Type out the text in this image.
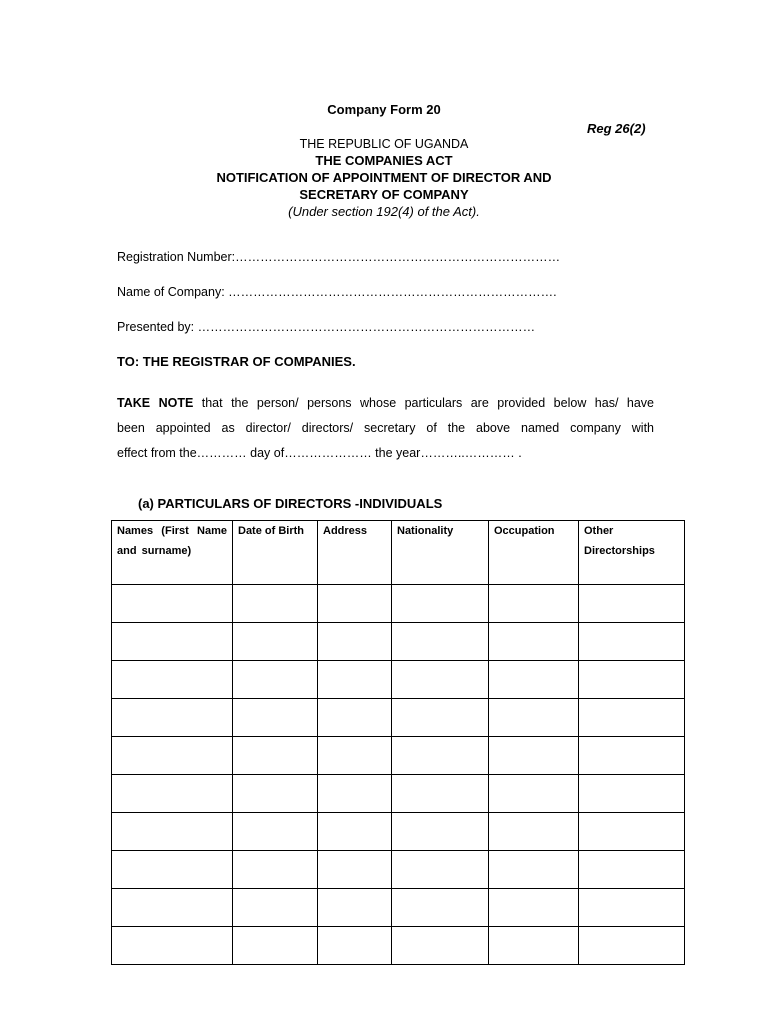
Company Form 20
Reg 26(2)
THE REPUBLIC OF UGANDA
THE COMPANIES ACT
NOTIFICATION OF APPOINTMENT OF DIRECTOR AND
SECRETARY OF COMPANY
(Under section 192(4) of the Act).
Registration Number:……………………………………………………………………
Name of Company: …………………………………………………………………….
Presented by: ………………………………………………………………………
TO: THE REGISTRAR OF COMPANIES.
TAKE NOTE that the person/ persons whose particulars are provided below has/ have
been appointed as director/ directors/ secretary of the above named company with
effect from the………… day of………………… the year………..………… .
(a) PARTICULARS OF DIRECTORS -INDIVIDUALS
Names (First Name and surname)	Date of Birth	Address	Nationality	Occupation	Other Directorships
